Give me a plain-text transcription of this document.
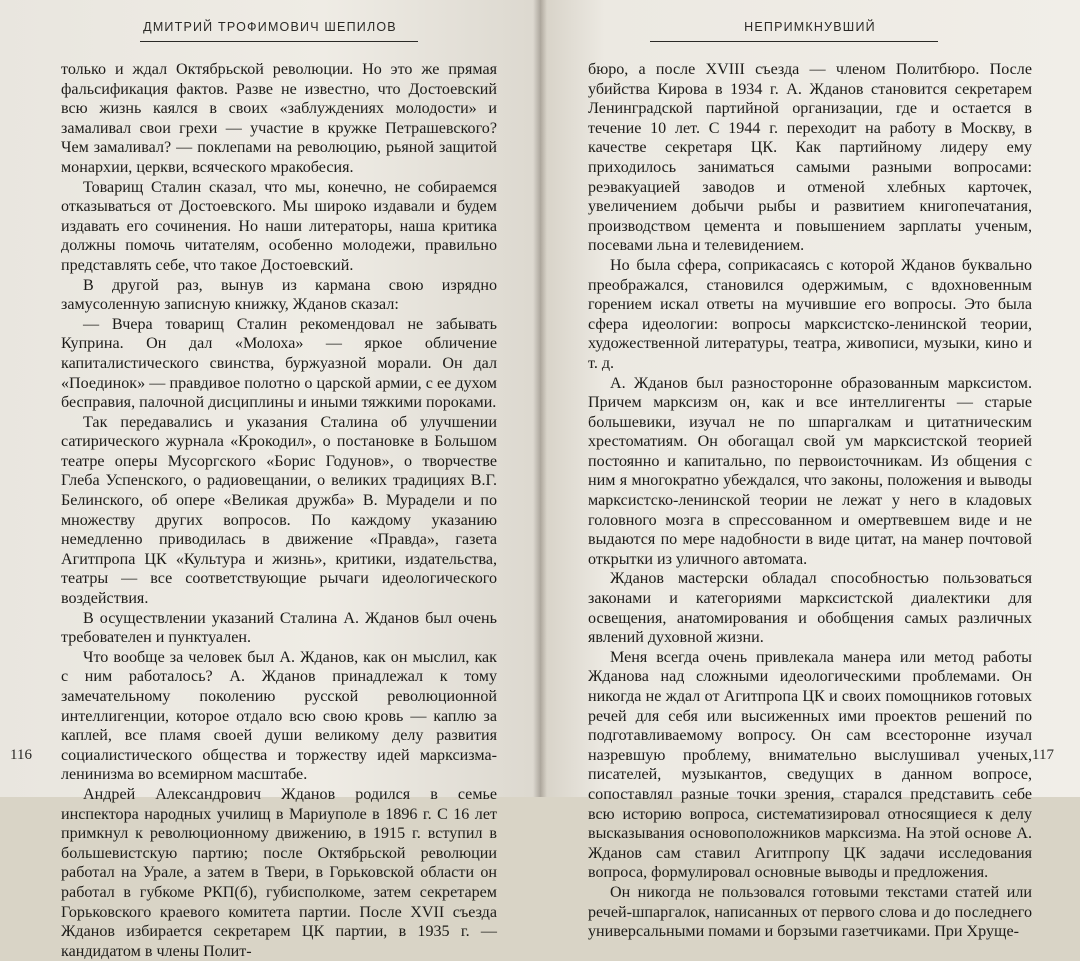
ДМИТРИЙ ТРОФИМОВИЧ ШЕПИЛОВ

только и ждал Октябрьской революции. Но это же прямая фальсификация фактов. Разве не известно, что Достоевский всю жизнь каялся в своих «заблуждениях молодости» и замаливал свои грехи — участие в кружке Петрашевского? Чем замаливал? — поклепами на революцию, рьяной защитой монархии, церкви, всяческого мракобесия.

Товарищ Сталин сказал, что мы, конечно, не собираемся отказываться от Достоевского. Мы широко издавали и будем издавать его сочинения. Но наши литераторы, наша критика должны помочь читателям, особенно молодежи, правильно представлять себе, что такое Достоевский.

В другой раз, вынув из кармана свою изрядно замусоленную записную книжку, Жданов сказал:

— Вчера товарищ Сталин рекомендовал не забывать Куприна. Он дал «Молоха» — яркое обличение капиталистического свинства, буржуазной морали. Он дал «Поединок» — правдивое полотно о царской армии, с ее духом бесправия, палочной дисциплины и иными тяжкими пороками.

Так передавались и указания Сталина об улучшении сатирического журнала «Крокодил», о постановке в Большом театре оперы Мусоргского «Борис Годунов», о творчестве Глеба Успенского, о радиовещании, о великих традициях В.Г. Белинского, об опере «Великая дружба» В. Мурадели и по множеству других вопросов. По каждому указанию немедленно приводилась в движение «Правда», газета Агитпропа ЦК «Культура и жизнь», критики, издательства, театры — все соответствующие рычаги идеологического воздействия.

В осуществлении указаний Сталина А. Жданов был очень требователен и пунктуален.

Что вообще за человек был А. Жданов, как он мыслил, как с ним работалось? А. Жданов принадлежал к тому замечательному поколению русской революционной интеллигенции, которое отдало всю свою кровь — каплю за каплей, все пламя своей души великому делу развития социалистического общества и торжеству идей марксизма-ленинизма во всемирном масштабе.

Андрей Александрович Жданов родился в семье инспектора народных училищ в Мариуполе в 1896 г. С 16 лет примкнул к революционному движению, в 1915 г. вступил в большевистскую партию; после Октябрьской революции работал на Урале, а затем в Твери, в Горьковской области он работал в губкоме РКП(б), губисполкоме, затем секретарем Горьковского краевого комитета партии. После XVII съезда Жданов избирается секретарем ЦК партии, в 1935 г. — кандидатом в члены Полит-

116
НЕПРИМКНУВШИЙ

бюро, а после XVIII съезда — членом Политбюро. После убийства Кирова в 1934 г. А. Жданов становится секретарем Ленинградской партийной организации, где и остается в течение 10 лет. С 1944 г. переходит на работу в Москву, в качестве секретаря ЦК. Как партийному лидеру ему приходилось заниматься самыми разными вопросами: реэвакуацией заводов и отменой хлебных карточек, увеличением добычи рыбы и развитием книгопечатания, производством цемента и повышением зарплаты ученым, посевами льна и телевидением.

Но была сфера, соприкасаясь с которой Жданов буквально преображался, становился одержимым, с вдохновенным горением искал ответы на мучившие его вопросы. Это была сфера идеологии: вопросы марксистско-ленинской теории, художественной литературы, театра, живописи, музыки, кино и т. д.

А. Жданов был разносторонне образованным марксистом. Причем марксизм он, как и все интеллигенты — старые большевики, изучал не по шпаргалкам и цитатническим хрестоматиям. Он обогащал свой ум марксистской теорией постоянно и капитально, по первоисточникам. Из общения с ним я многократно убеждался, что законы, положения и выводы марксистско-ленинской теории не лежат у него в кладовых головного мозга в спрессованном и омертвевшем виде и не выдаются по мере надобности в виде цитат, на манер почтовой открытки из уличного автомата.

Жданов мастерски обладал способностью пользоваться законами и категориями марксистской диалектики для освещения, анатомирования и обобщения самых различных явлений духовной жизни.

Меня всегда очень привлекала манера или метод работы Жданова над сложными идеологическими проблемами. Он никогда не ждал от Агитпропа ЦК и своих помощников готовых речей для себя или высиженных ими проектов решений по подготавливаемому вопросу. Он сам всесторонне изучал назревшую проблему, внимательно выслушивал ученых, писателей, музыкантов, сведущих в данном вопросе, сопоставлял разные точки зрения, старался представить себе всю историю вопроса, систематизировал относящиеся к делу высказывания основоположников марксизма. На этой основе А. Жданов сам ставил Агитпропу ЦК задачи исследования вопроса, формулировал основные выводы и предложения.

Он никогда не пользовался готовыми текстами статей или речей-шпаргалок, написанных от первого слова и до последнего универсальными помами и борзыми газетчиками. При Хруще-

117
